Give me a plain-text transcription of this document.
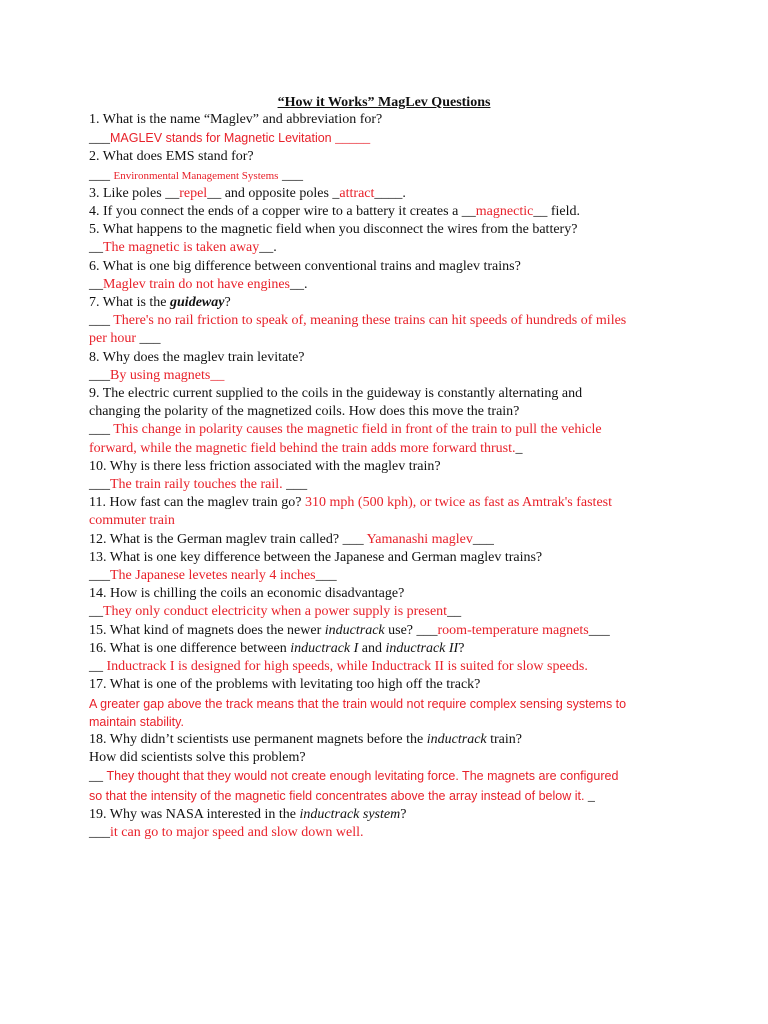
“How it Works” MagLev Questions
1. What is the name “Maglev” and abbreviation for?
___MAGLEV stands for Magnetic Levitation _____
2. What does EMS stand for?
___ Environmental Management Systems ___
3. Like poles __repel__ and opposite poles _attract____.
4. If you connect the ends of a copper wire to a battery it creates a __magnectic__ field.
5. What happens to the magnetic field when you disconnect the wires from the battery?
__The magnetic is taken away__.
6. What is one big difference between conventional trains and maglev trains?
__Maglev train do not have engines__.
7. What is the guideway?
___ There's no rail friction to speak of, meaning these trains can hit speeds of hundreds of miles
per hour ___
8. Why does the maglev train levitate?
___By using magnets__
9. The electric current supplied to the coils in the guideway is constantly alternating and
changing the polarity of the magnetized coils. How does this move the train?
___ This change in polarity causes the magnetic field in front of the train to pull the vehicle
forward, while the magnetic field behind the train adds more forward thrust._
10. Why is there less friction associated with the maglev train?
___The train raily touches the rail. ___
11. How fast can the maglev train go? 310 mph (500 kph), or twice as fast as Amtrak's fastest
commuter train
12. What is the German maglev train called? ___ Yamanashi maglev___
13. What is one key difference between the Japanese and German maglev trains?
___The Japanese levetes nearly 4 inches___
14. How is chilling the coils an economic disadvantage?
__They only conduct electricity when a power supply is present__
15. What kind of magnets does the newer inductrack use? ___room-temperature magnets___
16. What is one difference between inductrack I and inductrack II?
__ Inductrack I is designed for high speeds, while Inductrack II is suited for slow speeds.
17. What is one of the problems with levitating too high off the track?
A greater gap above the track means that the train would not require complex sensing systems to
maintain stability.
18. Why didn’t scientists use permanent magnets before the inductrack train?
How did scientists solve this problem?
__ They thought that they would not create enough levitating force. The magnets are configured
so that the intensity of the magnetic field concentrates above the array instead of below it. _
19. Why was NASA interested in the inductrack system?
___it can go to major speed and slow down well.
